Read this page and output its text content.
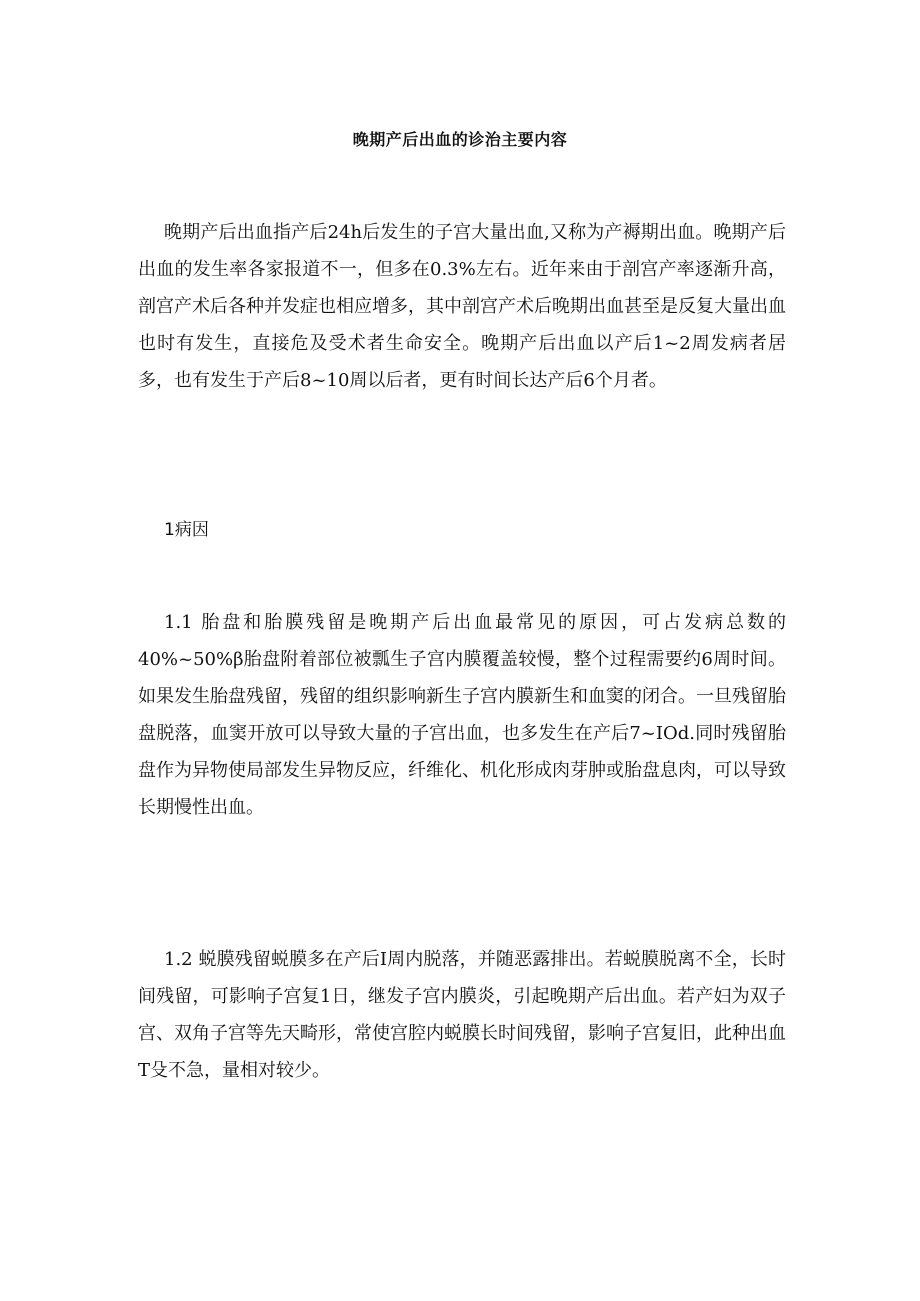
晚期产后出血的诊治主要内容

晚期产后出血指产后24h后发生的子宫大量出血,又称为产褥期出血。晚期产后出血的发生率各家报道不一，但多在0.3%左右。近年来由于剖宫产率逐渐升高，剖宫产术后各种并发症也相应增多，其中剖宫产术后晚期出血甚至是反复大量出血也时有发生，直接危及受术者生命安全。晚期产后出血以产后1~2周发病者居多，也有发生于产后8~10周以后者，更有时间长达产后6个月者。

1病因

1.1 胎盘和胎膜残留是晚期产后出血最常见的原因，可占发病总数的40%~50%β胎盘附着部位被瓢生子宫内膜覆盖较慢，整个过程需要约6周时间。如果发生胎盘残留，残留的组织影响新生子宫内膜新生和血窦的闭合。一旦残留胎盘脱落，血窦开放可以导致大量的子宫出血，也多发生在产后7~IOd.同时残留胎盘作为异物使局部发生异物反应，纤维化、机化形成肉芽肿或胎盘息肉，可以导致长期慢性出血。

1.2 蜕膜残留蜕膜多在产后I周内脱落，并随恶露排出。若蜕膜脱离不全，长时间残留，可影响子宫复1日，继发子宫内膜炎，引起晚期产后出血。若产妇为双子宫、双角子宫等先天畸形，常使宫腔内蜕膜长时间残留，影响子宫复旧，此种出血T殳不急，量相对较少。
